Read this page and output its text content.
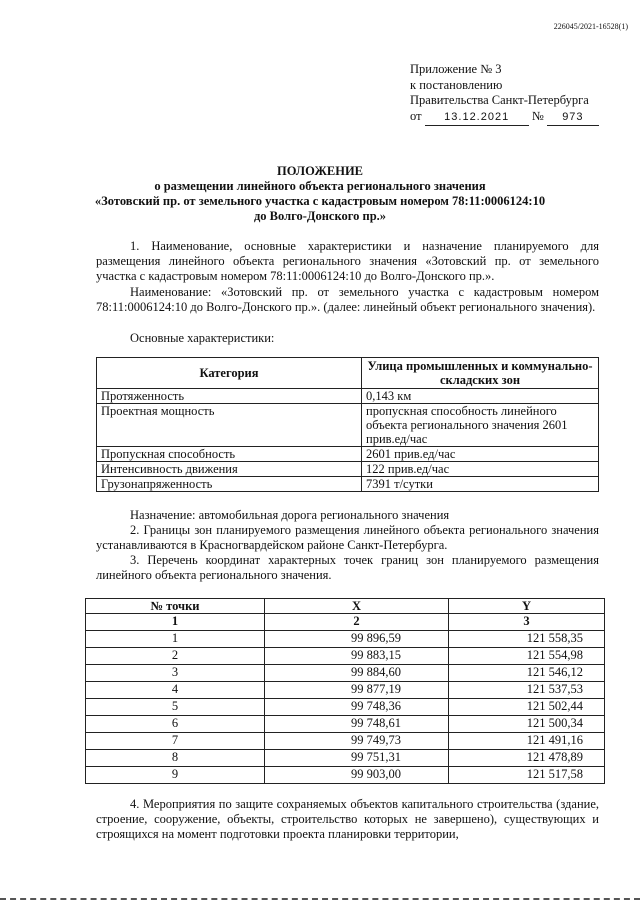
226045/2021-16528(1)
Приложение № 3
к постановлению
Правительства Санкт-Петербурга
от 13.12.2021 № 973
ПОЛОЖЕНИЕ
о размещении линейного объекта регионального значения
«Зотовский пр. от земельного участка с кадастровым номером 78:11:0006124:10
до Волго-Донского пр.»
1. Наименование, основные характеристики и назначение планируемого для размещения линейного объекта регионального значения «Зотовский пр. от земельного участка с кадастровым номером 78:11:0006124:10 до Волго-Донского пр.».
Наименование: «Зотовский пр. от земельного участка с кадастровым номером 78:11:0006124:10 до Волго-Донского пр.». (далее: линейный объект регионального значения).
Основные характеристики:
Категория	Улица промышленных и коммунально-складских зон
Протяженность	0,143 км
Проектная мощность	пропускная способность линейного объекта регионального значения 2601 прив.ед/час
Пропускная способность	2601 прив.ед/час
Интенсивность движения	122 прив.ед/час
Грузонапряженность	7391 т/сутки
Назначение: автомобильная дорога регионального значения
2. Границы зон планируемого размещения линейного объекта регионального значения устанавливаются в Красногвардейском районе Санкт-Петербурга.
3. Перечень координат характерных точек границ зон планируемого размещения линейного объекта регионального значения.
№ точки	X	Y
1	2	3
1	99 896,59	121 558,35
2	99 883,15	121 554,98
3	99 884,60	121 546,12
4	99 877,19	121 537,53
5	99 748,36	121 502,44
6	99 748,61	121 500,34
7	99 749,73	121 491,16
8	99 751,31	121 478,89
9	99 903,00	121 517,58
4. Мероприятия по защите сохраняемых объектов капитального строительства (здание, строение, сооружение, объекты, строительство которых не завершено), существующих и строящихся на момент подготовки проекта планировки территории,
